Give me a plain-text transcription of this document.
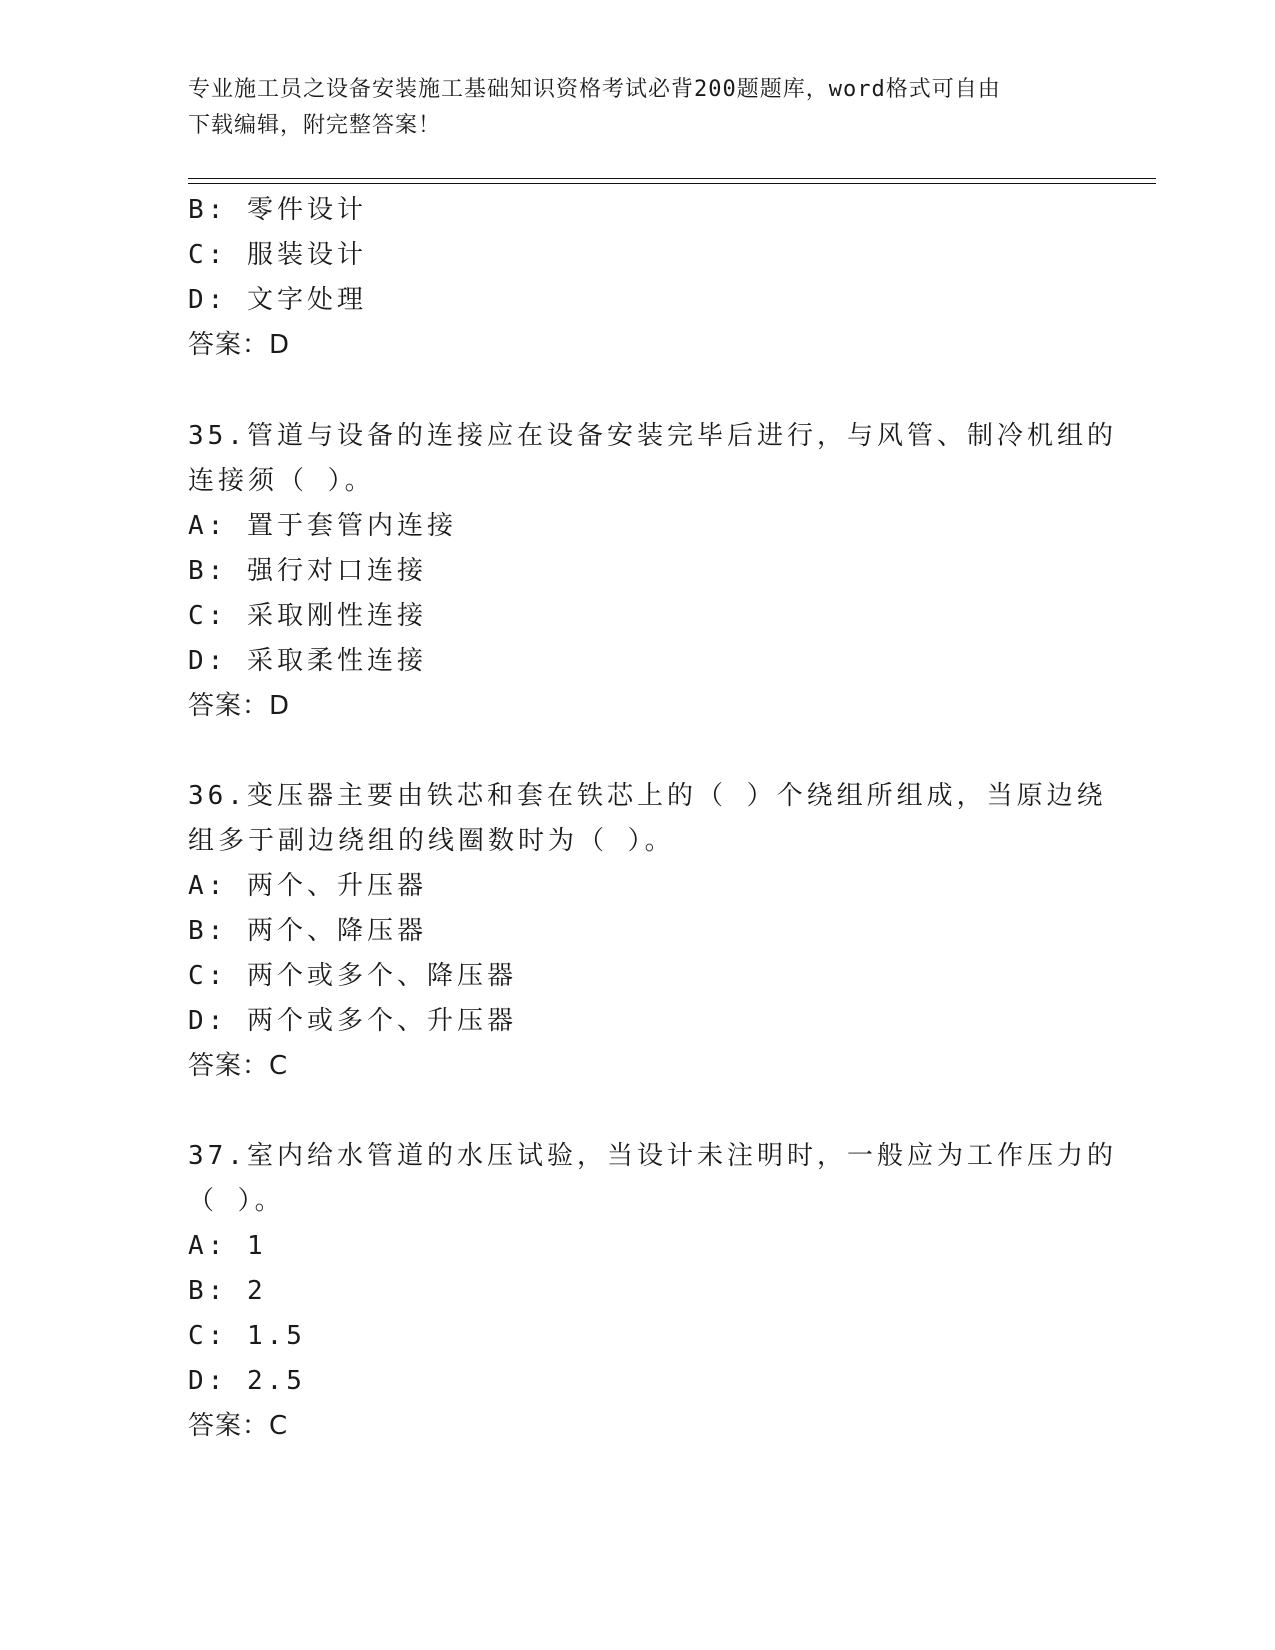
专业施工员之设备安装施工基础知识资格考试必背200题题库，word格式可自由
下载编辑，附完整答案！
B: 零件设计
C: 服装设计
D: 文字处理
答案：D
35.管道与设备的连接应在设备安装完毕后进行，与风管、制冷机组的
连接须（ ）。
A: 置于套管内连接
B: 强行对口连接
C: 采取刚性连接
D: 采取柔性连接
答案：D
36.变压器主要由铁芯和套在铁芯上的（ ）个绕组所组成，当原边绕
组多于副边绕组的线圈数时为（ ）。
A: 两个、升压器
B: 两个、降压器
C: 两个或多个、降压器
D: 两个或多个、升压器
答案：C
37.室内给水管道的水压试验，当设计未注明时，一般应为工作压力的
（ ）。
A: 1
B: 2
C: 1.5
D: 2.5
答案：C
